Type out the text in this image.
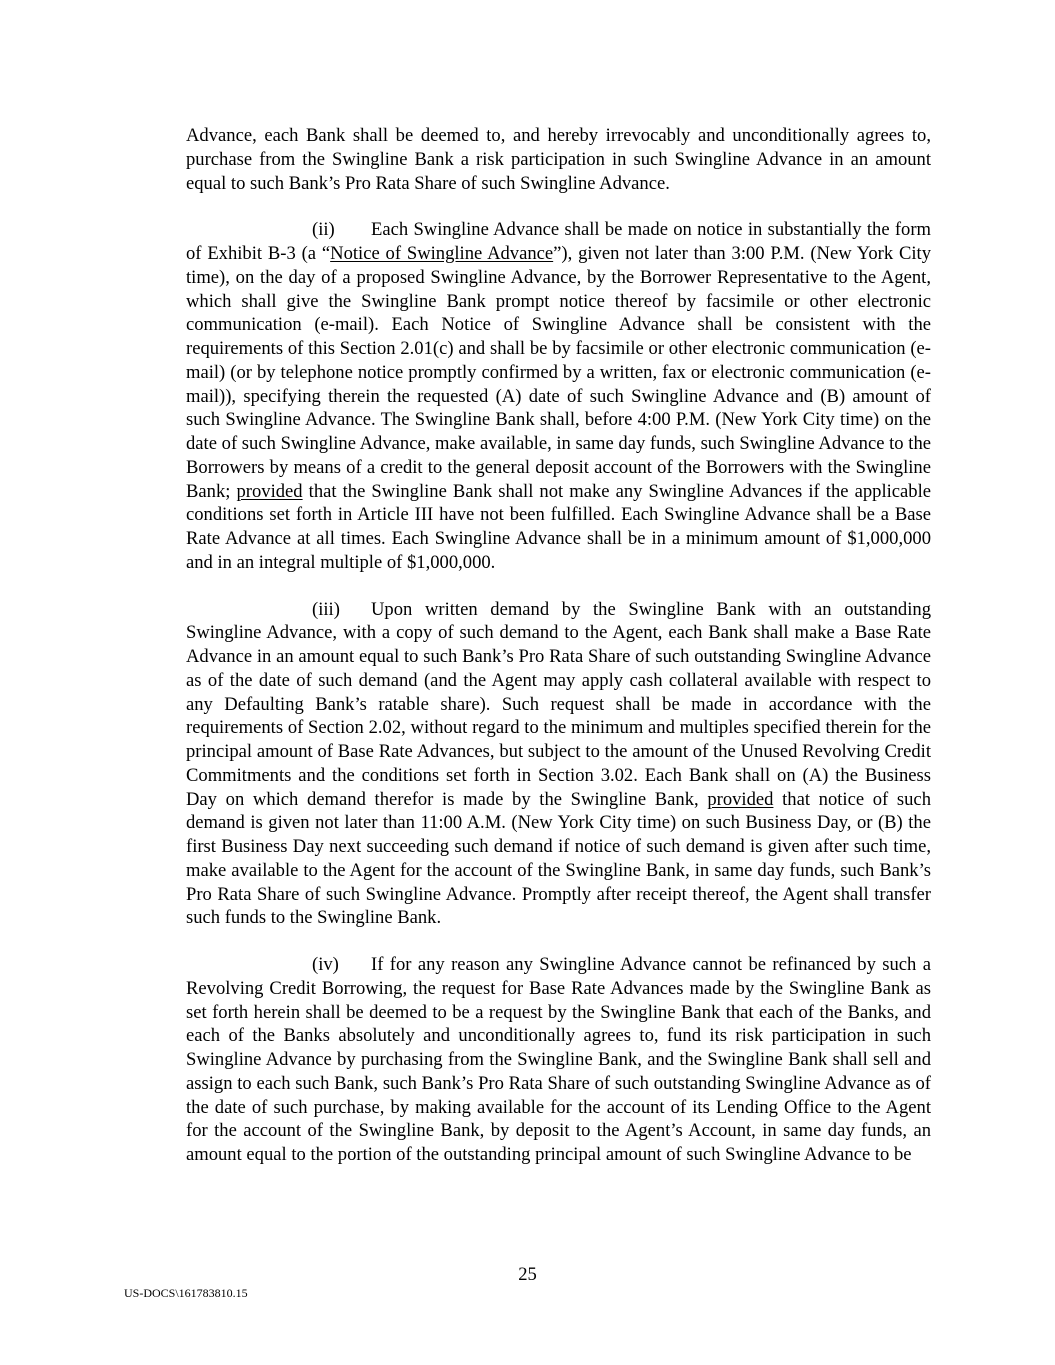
Advance, each Bank shall be deemed to, and hereby irrevocably and unconditionally agrees to, purchase from the Swingline Bank a risk participation in such Swingline Advance in an amount equal to such Bank’s Pro Rata Share of such Swingline Advance.

(ii) Each Swingline Advance shall be made on notice in substantially the form of Exhibit B-3 (a “Notice of Swingline Advance”), given not later than 3:00 P.M. (New York City time), on the day of a proposed Swingline Advance, by the Borrower Representative to the Agent, which shall give the Swingline Bank prompt notice thereof by facsimile or other electronic communication (e-mail). Each Notice of Swingline Advance shall be consistent with the requirements of this Section 2.01(c) and shall be by facsimile or other electronic communication (e-mail) (or by telephone notice promptly confirmed by a written, fax or electronic communication (e-mail)), specifying therein the requested (A) date of such Swingline Advance and (B) amount of such Swingline Advance. The Swingline Bank shall, before 4:00 P.M. (New York City time) on the date of such Swingline Advance, make available, in same day funds, such Swingline Advance to the Borrowers by means of a credit to the general deposit account of the Borrowers with the Swingline Bank; provided that the Swingline Bank shall not make any Swingline Advances if the applicable conditions set forth in Article III have not been fulfilled. Each Swingline Advance shall be a Base Rate Advance at all times. Each Swingline Advance shall be in a minimum amount of $1,000,000 and in an integral multiple of $1,000,000.

(iii) Upon written demand by the Swingline Bank with an outstanding Swingline Advance, with a copy of such demand to the Agent, each Bank shall make a Base Rate Advance in an amount equal to such Bank’s Pro Rata Share of such outstanding Swingline Advance as of the date of such demand (and the Agent may apply cash collateral available with respect to any Defaulting Bank’s ratable share). Such request shall be made in accordance with the requirements of Section 2.02, without regard to the minimum and multiples specified therein for the principal amount of Base Rate Advances, but subject to the amount of the Unused Revolving Credit Commitments and the conditions set forth in Section 3.02. Each Bank shall on (A) the Business Day on which demand therefor is made by the Swingline Bank, provided that notice of such demand is given not later than 11:00 A.M. (New York City time) on such Business Day, or (B) the first Business Day next succeeding such demand if notice of such demand is given after such time, make available to the Agent for the account of the Swingline Bank, in same day funds, such Bank’s Pro Rata Share of such Swingline Advance. Promptly after receipt thereof, the Agent shall transfer such funds to the Swingline Bank.

(iv) If for any reason any Swingline Advance cannot be refinanced by such a Revolving Credit Borrowing, the request for Base Rate Advances made by the Swingline Bank as set forth herein shall be deemed to be a request by the Swingline Bank that each of the Banks, and each of the Banks absolutely and unconditionally agrees to, fund its risk participation in such Swingline Advance by purchasing from the Swingline Bank, and the Swingline Bank shall sell and assign to each such Bank, such Bank’s Pro Rata Share of such outstanding Swingline Advance as of the date of such purchase, by making available for the account of its Lending Office to the Agent for the account of the Swingline Bank, by deposit to the Agent’s Account, in same day funds, an amount equal to the portion of the outstanding principal amount of such Swingline Advance to be

25
US-DOCS\161783810.15
